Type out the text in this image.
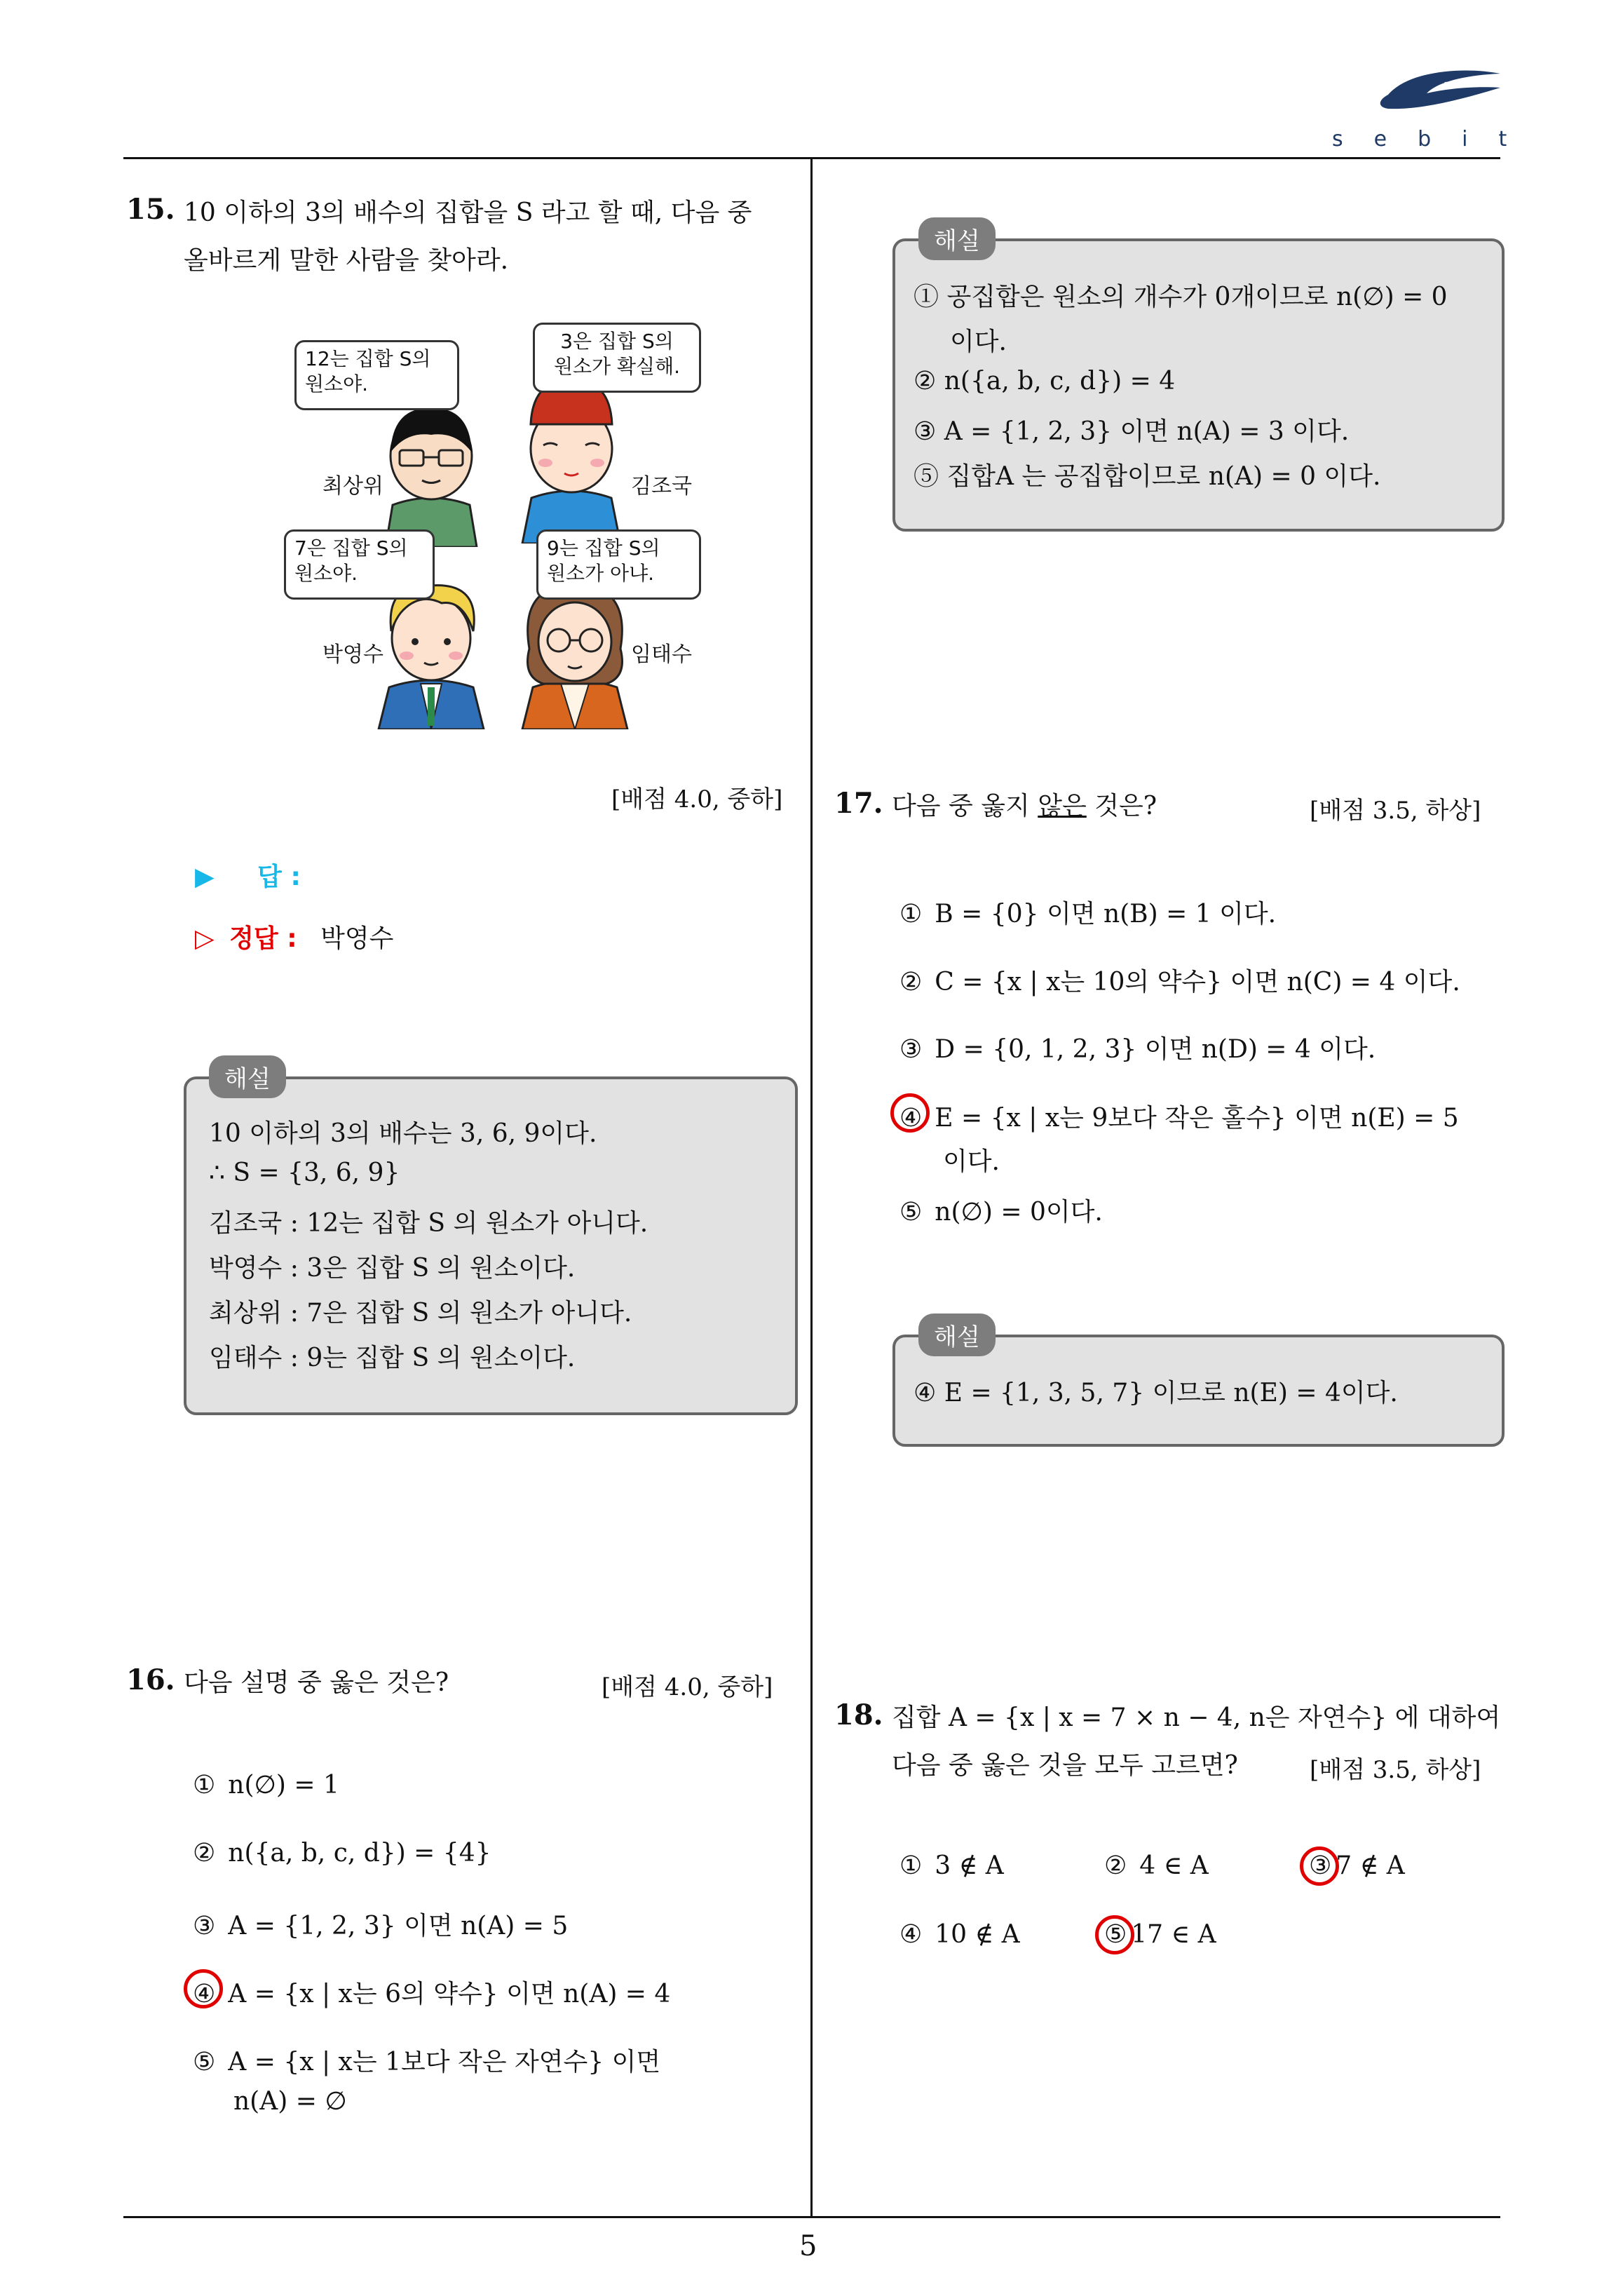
sebit
5
15. 10 이하의 3의 배수의 집합을 S 라고 할 때, 다음 중
올바르게 말한 사람을 찾아라.
12는 집합 S의
원소야.
3은 집합 S의
원소가 확실해.
7은 집합 S의
원소야.
9는 집합 S의
원소가 아냐.
최상위	김조국
박영수	임태수
[배점 4.0, 중하]
▶ 답 :
▷ 정답 : 박영수
해설
10 이하의 3의 배수는 3, 6, 9이다.
∴ S = {3, 6, 9}
김조국 : 12는 집합 S 의 원소가 아니다.
박영수 : 3은 집합 S 의 원소이다.
최상위 : 7은 집합 S 의 원소가 아니다.
임태수 : 9는 집합 S 의 원소이다.
16. 다음 설명 중 옳은 것은?	[배점 4.0, 중하]
① n(∅) = 1
② n({a, b, c, d}) = {4}
③ A = {1, 2, 3} 이면 n(A) = 5
④ A = {x | x는 6의 약수} 이면 n(A) = 4
⑤ A = {x | x는 1보다 작은 자연수} 이면
n(A) = ∅
해설
① 공집합은 원소의 개수가 0개이므로 n(∅) = 0
이다.
② n({a, b, c, d}) = 4
③ A = {1, 2, 3} 이면 n(A) = 3 이다.
⑤ 집합A 는 공집합이므로 n(A) = 0 이다.
17. 다음 중 옳지 않은 것은?	[배점 3.5, 하상]
① B = {0} 이면 n(B) = 1 이다.
② C = {x | x는 10의 약수} 이면 n(C) = 4 이다.
③ D = {0, 1, 2, 3} 이면 n(D) = 4 이다.
④ E = {x | x는 9보다 작은 홀수} 이면 n(E) = 5
이다.
⑤ n(∅) = 0이다.
해설
④ E = {1, 3, 5, 7} 이므로 n(E) = 4이다.
18. 집합 A = {x | x = 7 × n − 4, n은 자연수} 에 대하여
다음 중 옳은 것을 모두 고르면?	[배점 3.5, 하상]
① 3 ∉ A	② 4 ∈ A	③ 7 ∉ A
④ 10 ∉ A	⑤ 17 ∈ A
